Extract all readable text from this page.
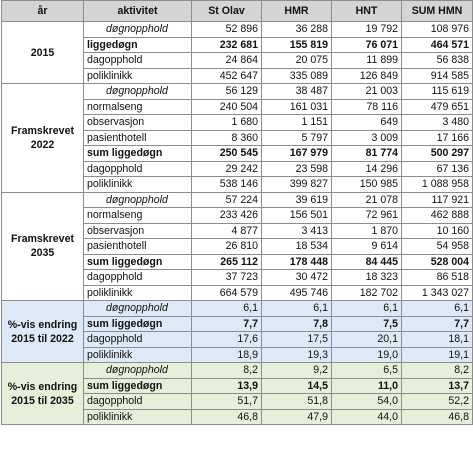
år	aktivitet	St Olav	HMR	HNT	SUM HMN
2015	døgnopphold	52 896	36 288	19 792	108 976
	liggedøgn	232 681	155 819	76 071	464 571
	dagopphold	24 864	20 075	11 899	56 838
	poliklinikk	452 647	335 089	126 849	914 585
Framskrevet 2022	døgnopphold	56 129	38 487	21 003	115 619
	normalseng	240 504	161 031	78 116	479 651
	observasjon	1 680	1 151	649	3 480
	pasienthotell	8 360	5 797	3 009	17 166
	sum liggedøgn	250 545	167 979	81 774	500 297
	dagopphold	29 242	23 598	14 296	67 136
	poliklinikk	538 146	399 827	150 985	1 088 958
Framskrevet 2035	døgnopphold	57 224	39 619	21 078	117 921
	normalseng	233 426	156 501	72 961	462 888
	observasjon	4 877	3 413	1 870	10 160
	pasienthotell	26 810	18 534	9 614	54 958
	sum liggedøgn	265 112	178 448	84 445	528 004
	dagopphold	37 723	30 472	18 323	86 518
	poliklinikk	664 579	495 746	182 702	1 343 027
%-vis endring 2015 til 2022	døgnopphold	6,1	6,1	6,1	6,1
	sum liggedøgn	7,7	7,8	7,5	7,7
	dagopphold	17,6	17,5	20,1	18,1
	poliklinikk	18,9	19,3	19,0	19,1
%-vis endring 2015 til 2035	døgnopphold	8,2	9,2	6,5	8,2
	sum liggedøgn	13,9	14,5	11,0	13,7
	dagopphold	51,7	51,8	54,0	52,2
	poliklinikk	46,8	47,9	44,0	46,8
